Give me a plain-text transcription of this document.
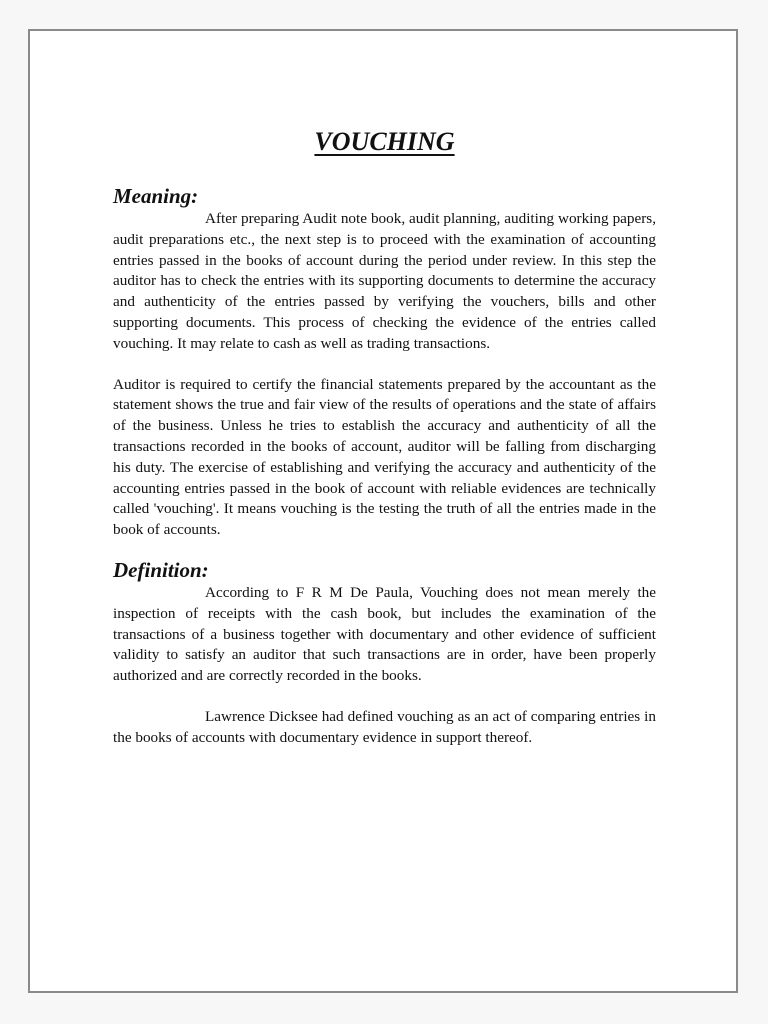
VOUCHING
Meaning:

After preparing Audit note book, audit planning, auditing working papers, audit preparations etc., the next step is to proceed with the examination of accounting entries passed in the books of account during the period under review. In this step the auditor has to check the entries with its supporting documents to determine the accuracy and authenticity of the entries passed by verifying the vouchers, bills and other supporting documents. This process of checking the evidence of the entries called vouching. It may relate to cash as well as trading transactions.

Auditor is required to certify the financial statements prepared by the accountant as the statement shows the true and fair view of the results of operations and the state of affairs of the business. Unless he tries to establish the accuracy and authenticity of all the transactions recorded in the books of account, auditor will be falling from discharging his duty. The exercise of establishing and verifying the accuracy and authenticity of the accounting entries passed in the book of account with reliable evidences are technically called 'vouching'. It means vouching is the testing the truth of all the entries made in the book of accounts.

Definition:

According to F R M De Paula, Vouching does not mean merely the inspection of receipts with the cash book, but includes the examination of the transactions of a business together with documentary and other evidence of sufficient validity to satisfy an auditor that such transactions are in order, have been properly authorized and are correctly recorded in the books.

Lawrence Dicksee had defined vouching as an act of comparing entries in the books of accounts with documentary evidence in support thereof.
